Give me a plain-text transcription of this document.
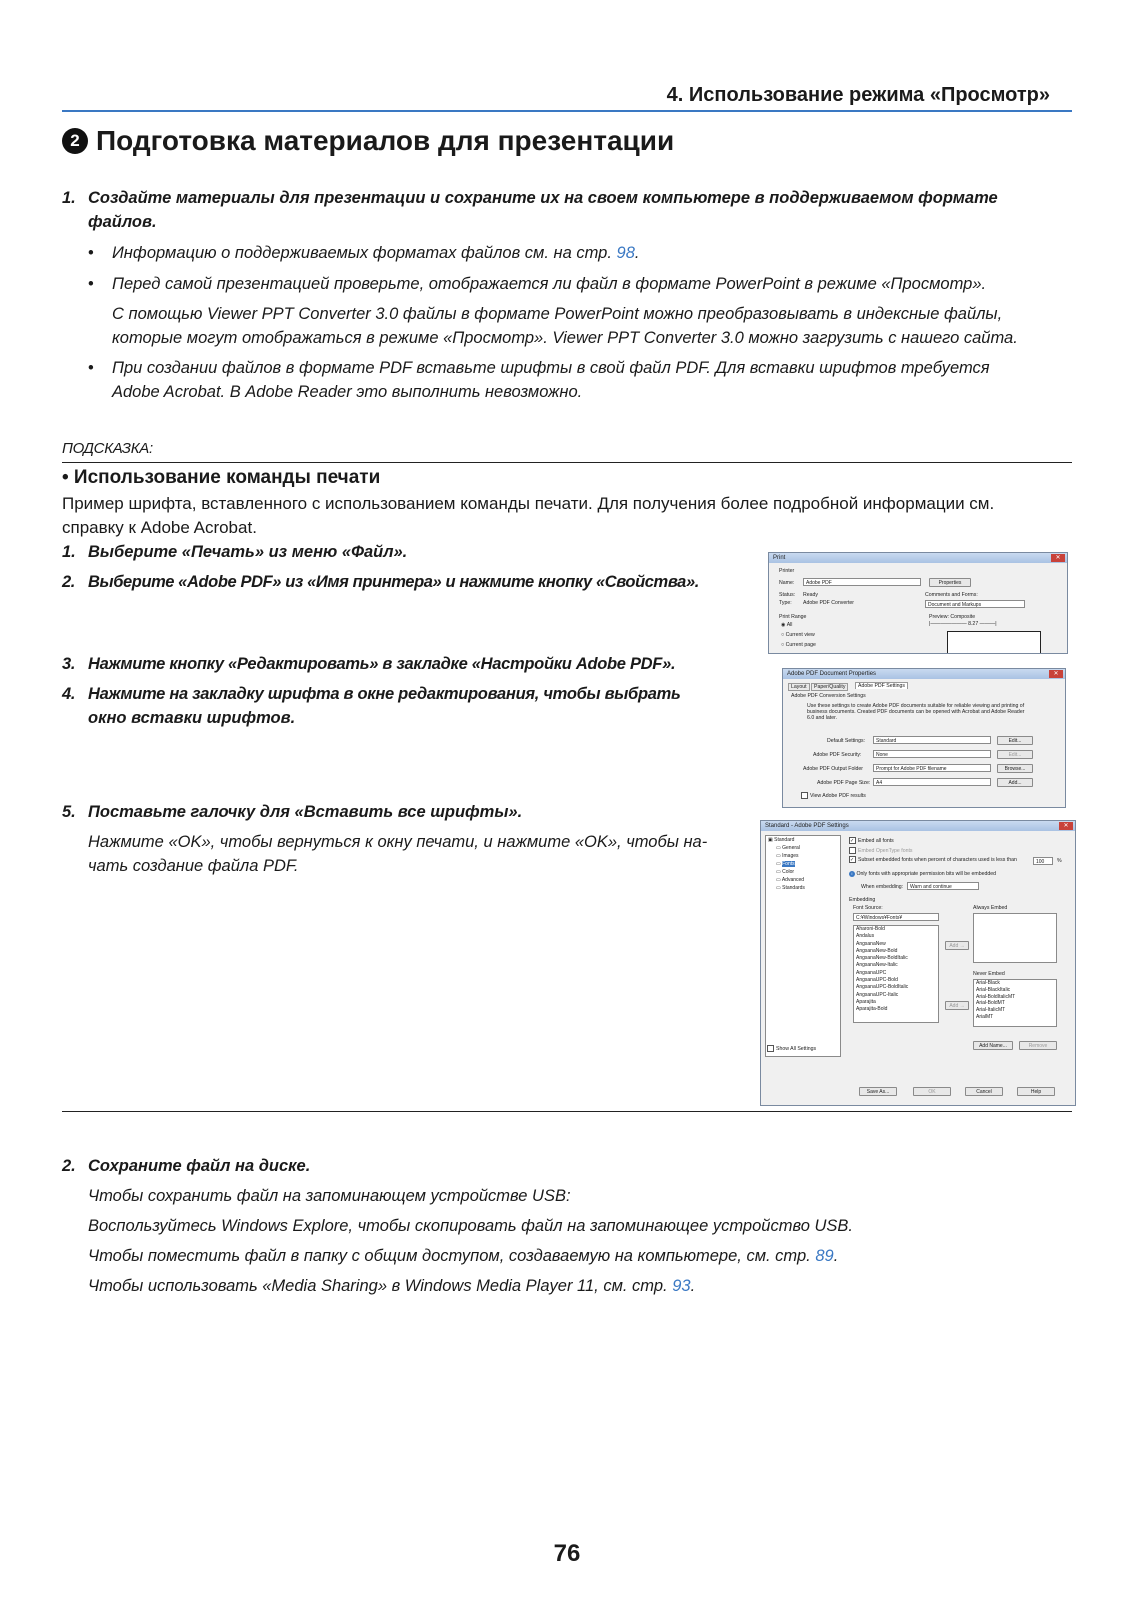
4. Использование режима «Просмотр»
2 Подготовка материалов для презентации
1. Создайте материалы для презентации и сохраните их на своем компьютере в поддерживаемом формате
файлов.
• Информацию о поддерживаемых форматах файлов см. на стр. 98.
• Перед самой презентацией проверьте, отображается ли файл в формате PowerPoint в режиме «Просмотр».
С помощью Viewer PPT Converter 3.0 файлы в формате PowerPoint можно преобразовывать в индексные файлы,
которые могут отображаться в режиме «Просмотр». Viewer PPT Converter 3.0 можно загрузить с нашего сайта.
• При создании файлов в формате PDF вставьте шрифты в свой файл PDF. Для вставки шрифтов требуется
Adobe Acrobat. В Adobe Reader это выполнить невозможно.
ПОДСКАЗКА:
• Использование команды печати
Пример шрифта, вставленного с использованием команды печати. Для получения более подробной информации см.
справку к Adobe Acrobat.
1. Выберите «Печать» из меню «Файл».
2. Выберите «Adobe PDF» из «Имя принтера» и нажмите кнопку «Свойства».
3. Нажмите кнопку «Редактировать» в закладке «Настройки Adobe PDF».
4. Нажмите на закладку шрифта в окне редактирования, чтобы выбрать
окно вставки шрифтов.
5. Поставьте галочку для «Вставить все шрифты».
Нажмите «OK», чтобы вернуться к окну печати, и нажмите «OK», чтобы на-
чать создание файла PDF.
Print	✕
Printer
Name:	Adobe PDF	Properties
Status: Ready
Type: Adobe PDF Converter
Comments and Forms:
Document and Markups
Print Range
◉ All
○ Current view
○ Current page
Preview: Composite
|——————— 8.27 ———|
Adobe PDF Document Properties	✕
Layout	Paper/Quality	Adobe PDF Settings
Adobe PDF Conversion Settings
Use these settings to create Adobe PDF documents suitable for reliable viewing and printing of business documents. Created PDF documents can be opened with Acrobat and Adobe Reader 6.0 and later.
Default Settings:	Standard	Edit...
Adobe PDF Security:	None	Edit...
Adobe PDF Output Folder	Prompt for Adobe PDF filename	Browse...
Adobe PDF Page Size:	A4	Add...
View Adobe PDF results
Standard - Adobe PDF Settings	✕
▣ Standard
▭ General
▭ Images
▭ Fonts
▭ Color
▭ Advanced
▭ Standards
✓ Embed all fonts
Embed OpenType fonts
✓ Subset embedded fonts when percent of characters used is less than	100	%
i Only fonts with appropriate permission bits will be embedded
When embedding:	Warn and continue
Embedding
Font Source:
C:¥Windows¥Fonts¥
Aharoni-Bold
Andalus
AngsanaNew
AngsanaNew-Bold
AngsanaNew-BoldItalic
AngsanaNew-Italic
AngsanaUPC
AngsanaUPC-Bold
AngsanaUPC-BoldItalic
AngsanaUPC-Italic
Aparajita
Aparajita-Bold
Add →
Add →
Always Embed
Never Embed
Arial-Black
Arial-BlackItalic
Arial-BoldItalicMT
Arial-BoldMT
Arial-ItalicMT
ArialMT
Add Name...	Remove
Show All Settings
Save As...	OK	Cancel	Help
2. Сохраните файл на диске.
Чтобы сохранить файл на запоминающем устройстве USB:
Воспользуйтесь Windows Explore, чтобы скопировать файл на запоминающее устройство USB.
Чтобы поместить файл в папку с общим доступом, создаваемую на компьютере, см. стр. 89.
Чтобы использовать «Media Sharing» в Windows Media Player 11, см. стр. 93.
76
